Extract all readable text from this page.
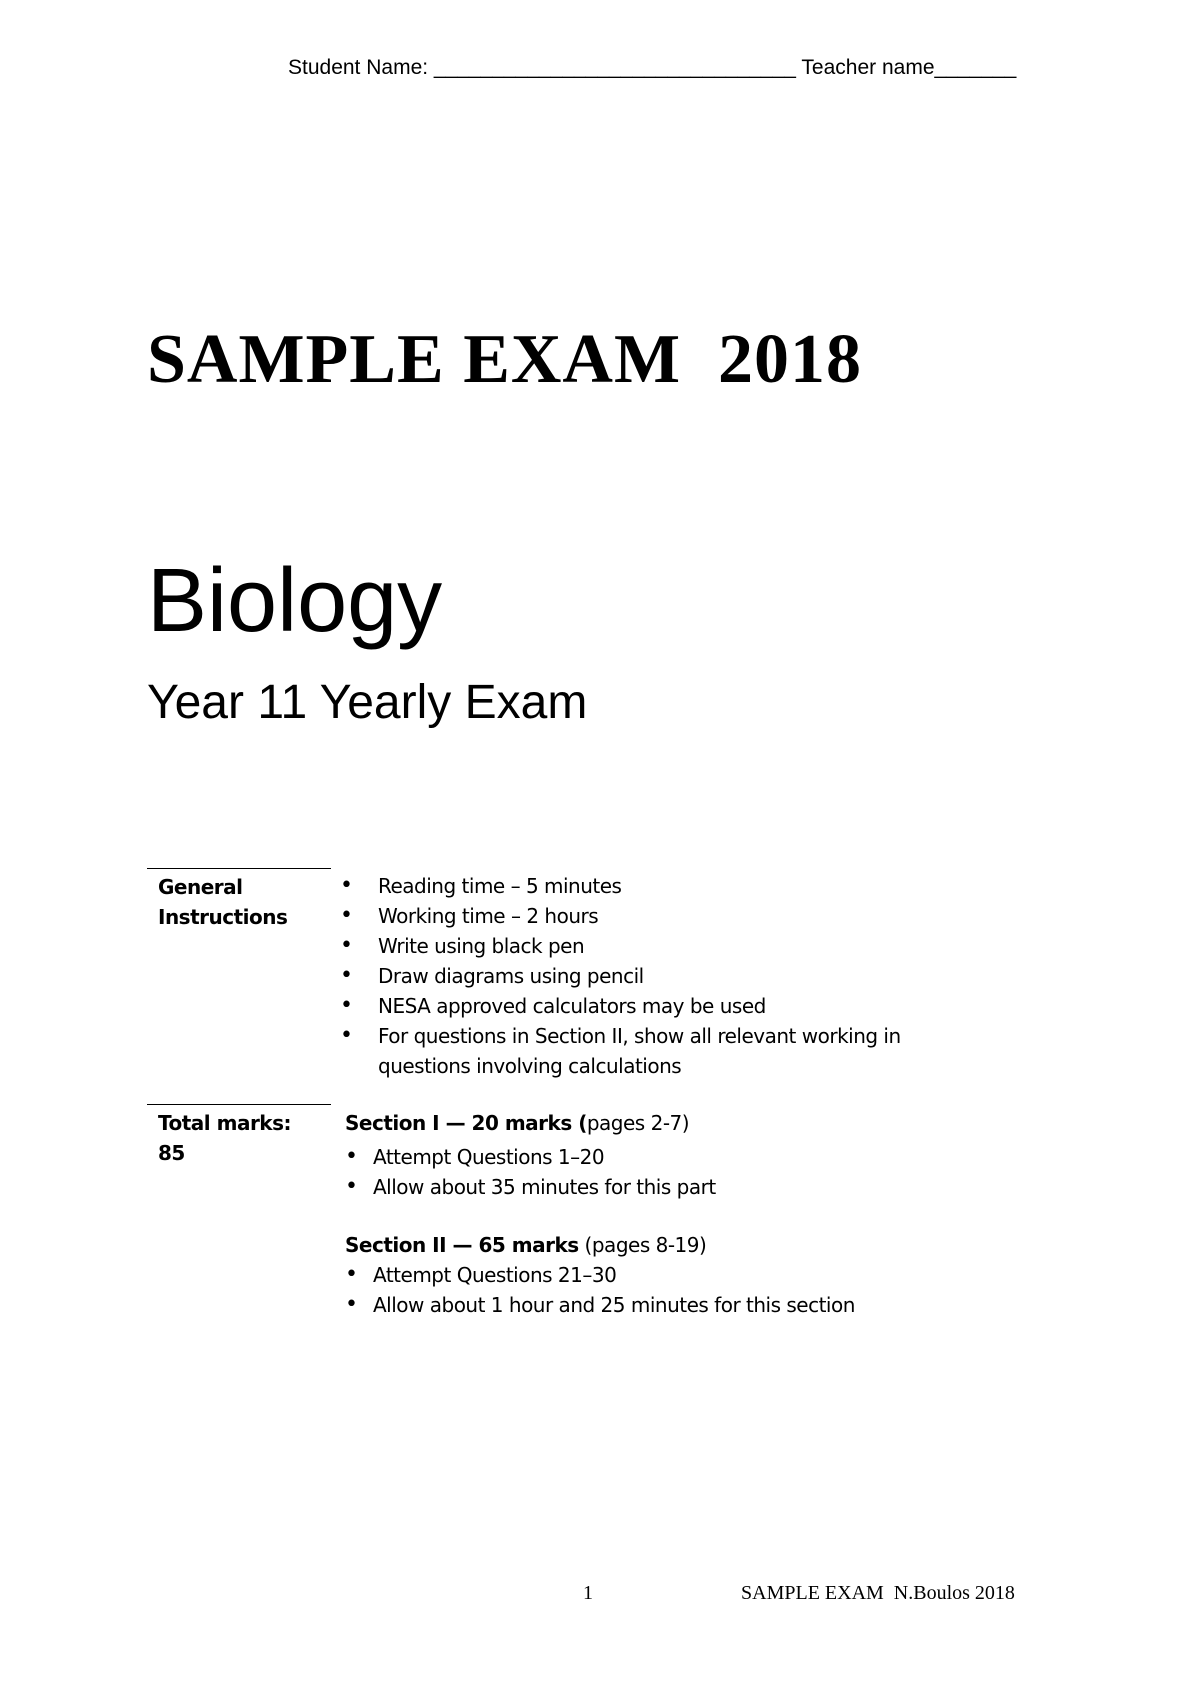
Student Name: _______________________________ Teacher name_______
SAMPLE EXAM  2018
Biology
Year 11 Yearly Exam
General
Instructions
• Reading time – 5 minutes
• Working time – 2 hours
• Write using black pen
• Draw diagrams using pencil
• NESA approved calculators may be used
• For questions in Section II, show all relevant working in questions involving calculations
Total marks:
85
Section I — 20 marks (pages 2-7)
• Attempt Questions 1–20
• Allow about 35 minutes for this part
Section II — 65 marks (pages 8-19)
• Attempt Questions 21–30
• Allow about 1 hour and 25 minutes for this section
1	SAMPLE EXAM  N.Boulos 2018
